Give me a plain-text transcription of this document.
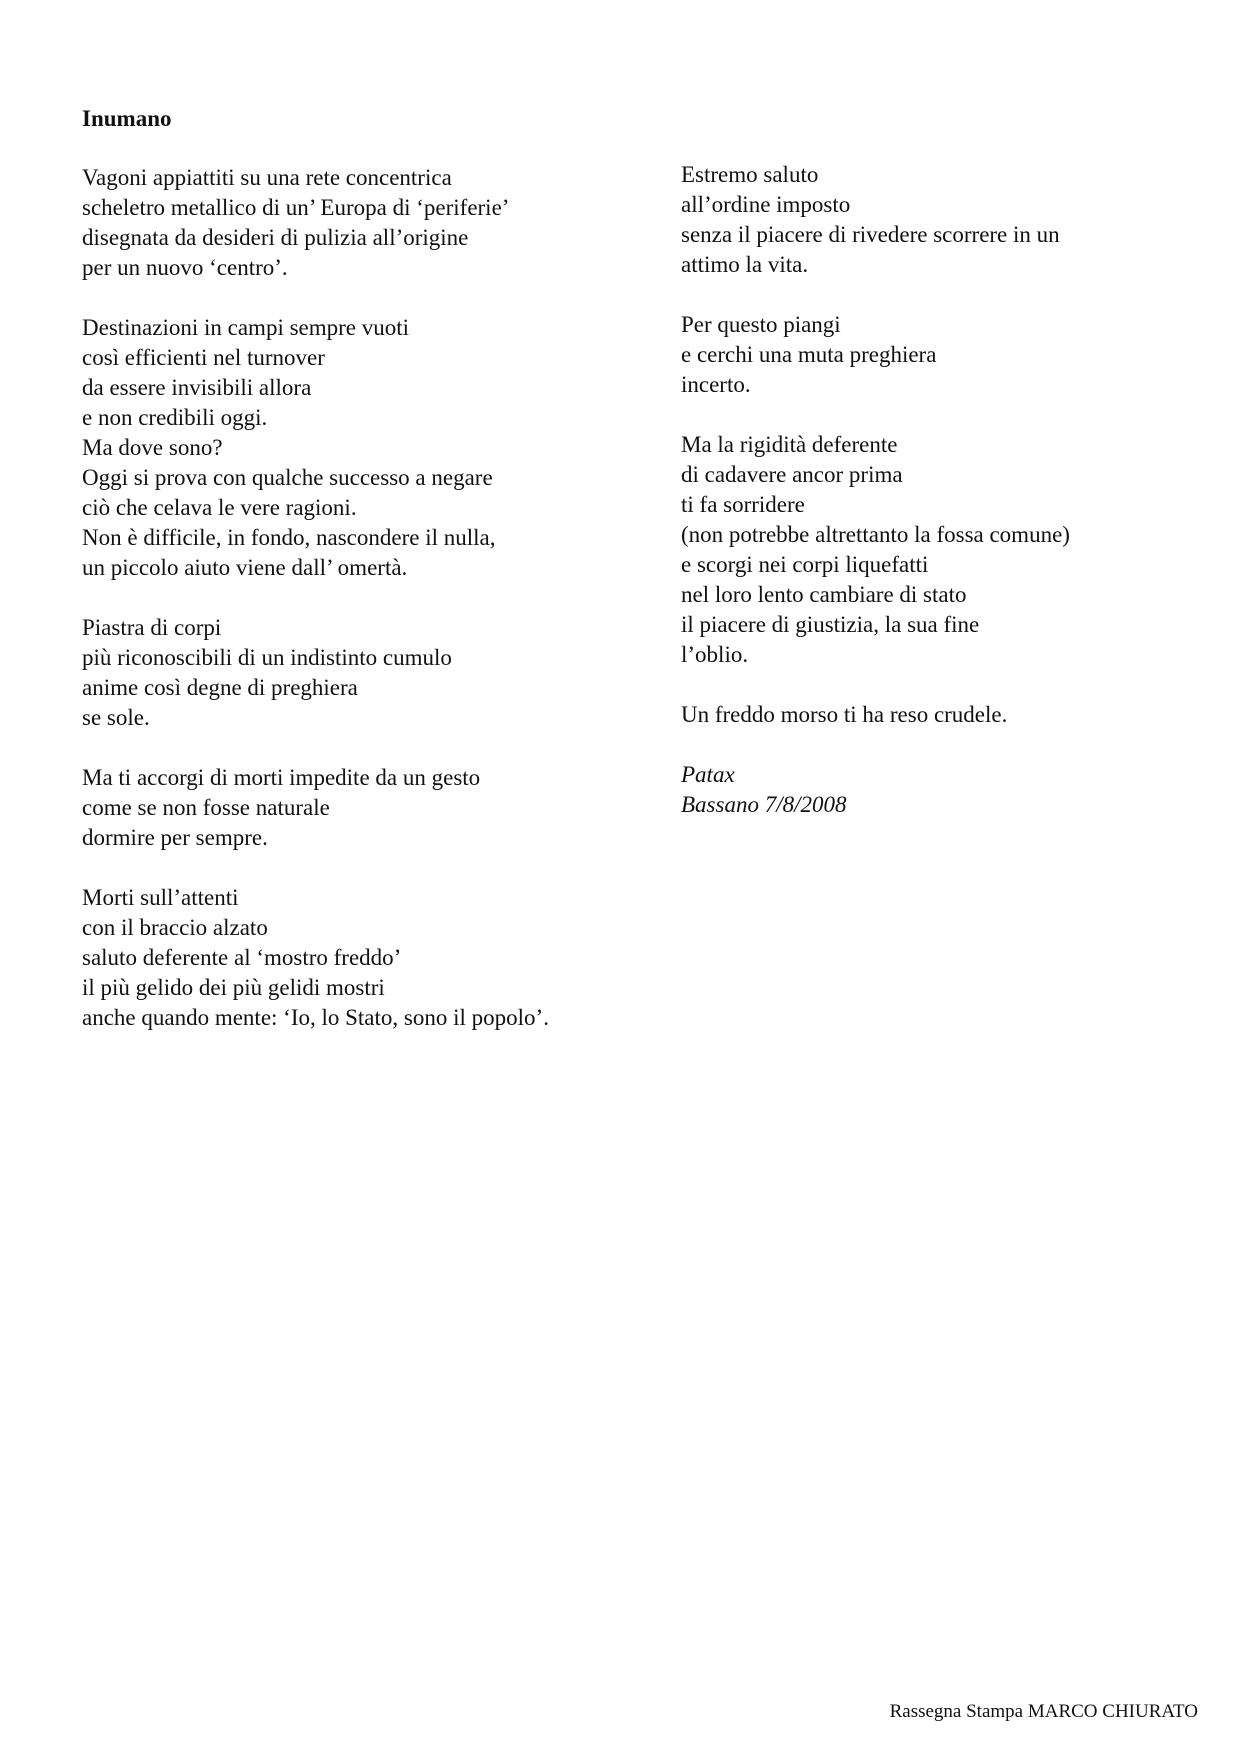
Inumano
Vagoni appiattiti su una rete concentrica
scheletro metallico di un’ Europa di ‘periferie’
disegnata da desideri di pulizia all’origine
per un nuovo ‘centro’.
Destinazioni in campi sempre vuoti
così efficienti nel turnover
da essere invisibili allora
e non credibili oggi.
Ma dove sono?
Oggi si prova con qualche successo a negare
ciò che celava le vere ragioni.
Non è difficile, in fondo, nascondere il nulla,
un piccolo aiuto viene dall’ omertà.
Piastra di corpi
più riconoscibili di un indistinto cumulo
anime così degne di preghiera
se sole.
Ma ti accorgi di morti impedite da un gesto
come se non fosse naturale
dormire per sempre.
Morti sull’attenti
con il braccio alzato
saluto deferente al ‘mostro freddo’
il più gelido dei più gelidi mostri
anche quando mente: ‘Io, lo Stato, sono il popolo’.
Estremo saluto
all’ordine imposto
senza il piacere di rivedere scorrere in un
attimo la vita.
Per questo piangi
e cerchi una muta preghiera
incerto.
Ma la rigidità deferente
di cadavere ancor prima
ti fa sorridere
(non potrebbe altrettanto la fossa comune)
e scorgi nei corpi liquefatti
nel loro lento cambiare di stato
il piacere di giustizia, la sua fine
l’oblio.
Un freddo morso ti ha reso crudele.
Patax
Bassano 7/8/2008
Rassegna Stampa MARCO CHIURATO
